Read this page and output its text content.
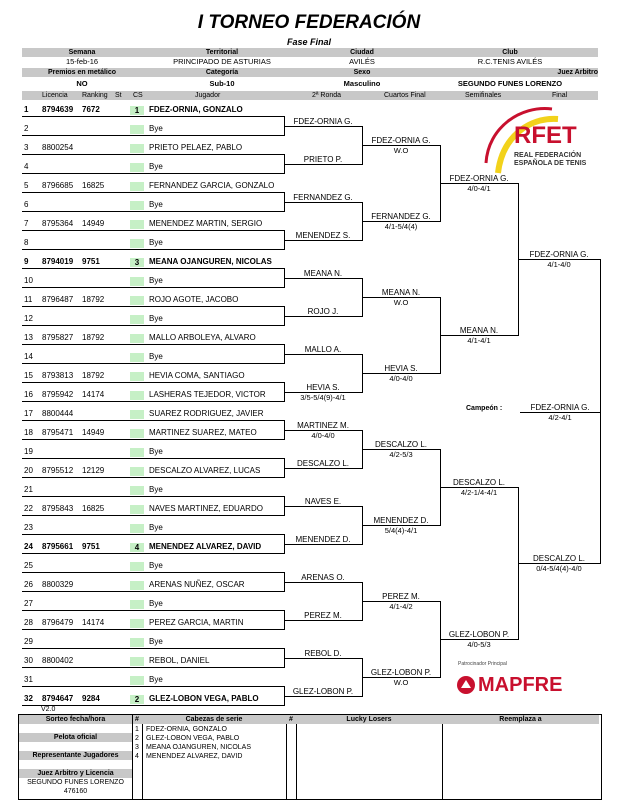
I TORNEO FEDERACIÓN
Fase Final
Semana	Territorial	Ciudad	Club
15-feb-16	PRINCIPADO DE ASTURIAS	AVILÉS	R.C.TENIS AVILÉS
Premios en metálico	Categoría	Sexo	Juez Arbitro
NO	Sub-10	Masculino	SEGUNDO FUNES LORENZO
Licencia Ranking St CS	Jugador	2ª Ronda	Cuartos Final	Semifinales	Final
1 8794639 7672	1	FDEZ-ORNIA, GONZALO
2	Bye
3 8800254	PRIETO PELAEZ, PABLO
4	Bye
5 8796685 16825	FERNANDEZ GARCIA, GONZALO
6	Bye
7 8795364 14949	MENENDEZ MARTIN, SERGIO
8	Bye
9 8794019 9751	3	MEANA OJANGUREN, NICOLAS
10	Bye
11 8796487 18792	ROJO AGOTE, JACOBO
12	Bye
13 8795827 18792	MALLO ARBOLEYA, ALVARO
14	Bye
15 8793813 18792	HEVIA COMA, SANTIAGO
16 8795942 14174	LASHERAS TEJEDOR, VICTOR
17 8800444	SUAREZ RODRIGUEZ, JAVIER
18 8795471 14949	MARTINEZ SUAREZ, MATEO
19	Bye
20 8795512 12129	DESCALZO ALVAREZ, LUCAS
21	Bye
22 8795843 16825	NAVES MARTINEZ, EDUARDO
23	Bye
24 8795661 9751	4	MENENDEZ ALVAREZ, DAVID
25	Bye
26 8800329	ARENAS NUÑEZ, OSCAR
27	Bye
28 8796479 14174	PEREZ GARCIA, MARTIN
29	Bye
30 8800402	REBOL, DANIEL
31	Bye
32 8794647 9284	2	GLEZ-LOBON VEGA, PABLO
FDEZ-ORNIA G.
PRIETO P.
FERNANDEZ G.
MENENDEZ S.
MEANA N.
ROJO J.
MALLO A.
HEVIA S.
3/5-5/4(9)-4/1
MARTINEZ M.
4/0-4/0
DESCALZO L.
NAVES E.
MENENDEZ D.
ARENAS O.
PEREZ M.
REBOL D.
GLEZ-LOBON P.
FDEZ-ORNIA G.
W.O
FERNANDEZ G.
4/1-5/4(4)
MEANA N.
W.O
HEVIA S.
4/0-4/0
DESCALZO L.
4/2-5/3
MENENDEZ D.
5/4(4)-4/1
PEREZ M.
4/1-4/2
GLEZ-LOBON P.
W.O
FDEZ-ORNIA G.
4/0-4/1
MEANA N.
4/1-4/1
DESCALZO L.
4/2-1/4-4/1
GLEZ-LOBON P.
4/0-5/3
FDEZ-ORNIA G.
4/1-4/0
DESCALZO L.
0/4-5/4(4)-4/0
RFET
REAL FEDERACIÓN
ESPAÑOLA DE TENIS
Patrocinador Principal
MAPFRE
Campeón :	FDEZ-ORNIA G.
4/2-4/1
V2.0
Sorteo fecha/hora
Pelota oficial
Representante Jugadores
Juez Arbitro y Licencia
SEGUNDO FUNES LORENZO
476160
#	Cabezas de serie	#	Lucky Losers	Reemplaza a
1	FDEZ-ORNIA, GONZALO
2	GLEZ-LOBON VEGA, PABLO
3	MEANA OJANGUREN, NICOLAS
4	MENENDEZ ALVAREZ, DAVID
